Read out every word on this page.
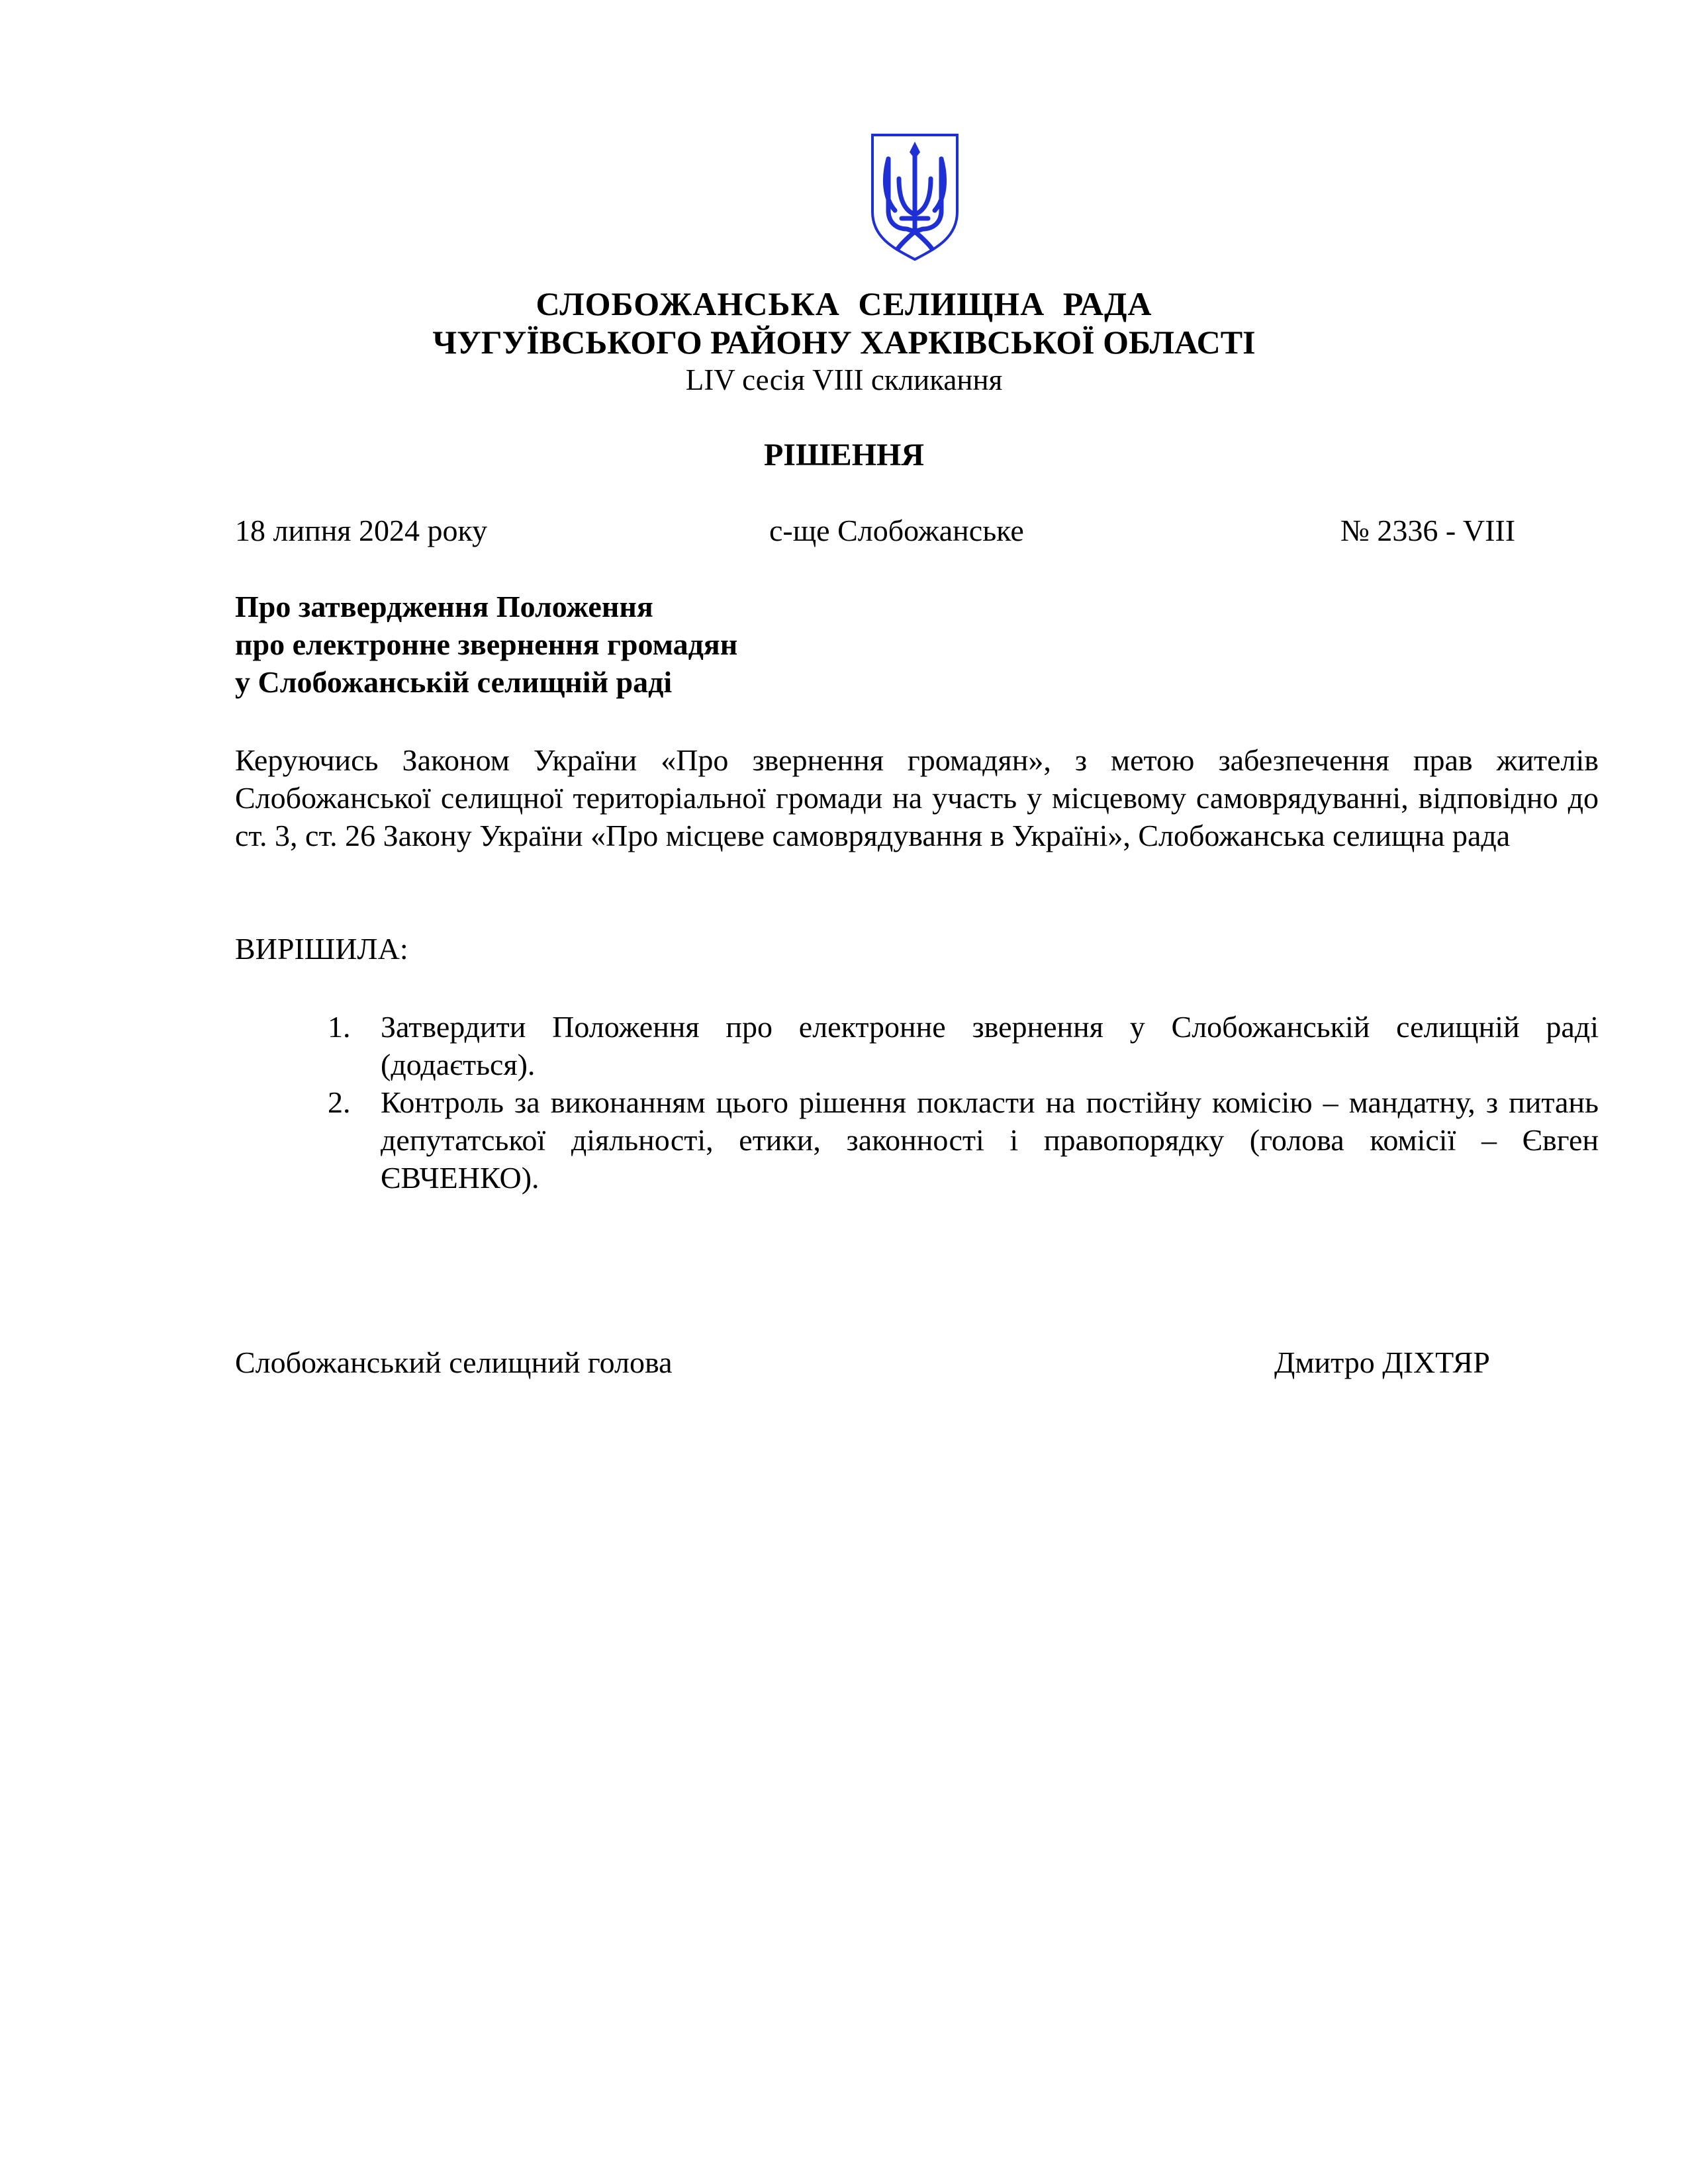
СЛОБОЖАНСЬКА СЕЛИЩНА РАДА
ЧУГУЇВСЬКОГО РАЙОНУ ХАРКІВСЬКОЇ ОБЛАСТІ
LIV сесія VIII скликання
РІШЕННЯ
18 липня 2024 року	с-ще Слобожанське	№ 2336 - VIII
Про затвердження Положення
про електронне звернення громадян
у Слобожанській селищній раді
Керуючись Законом України «Про звернення громадян», з метою забезпечення прав жителів Слобожанської селищної територіальної громади на участь у місцевому самоврядуванні, відповідно до ст. 3, ст. 26 Закону України «Про місцеве самоврядування в Україні», Слобожанська селищна рада
ВИРІШИЛА:
1. Затвердити Положення про електронне звернення у Слобожанській селищній раді (додається).
2. Контроль за виконанням цього рішення покласти на постійну комісію – мандатну, з питань депутатської діяльності, етики, законності і правопорядку (голова комісії – Євген ЄВЧЕНКО).
Слобожанський селищний голова	Дмитро ДІХТЯР
